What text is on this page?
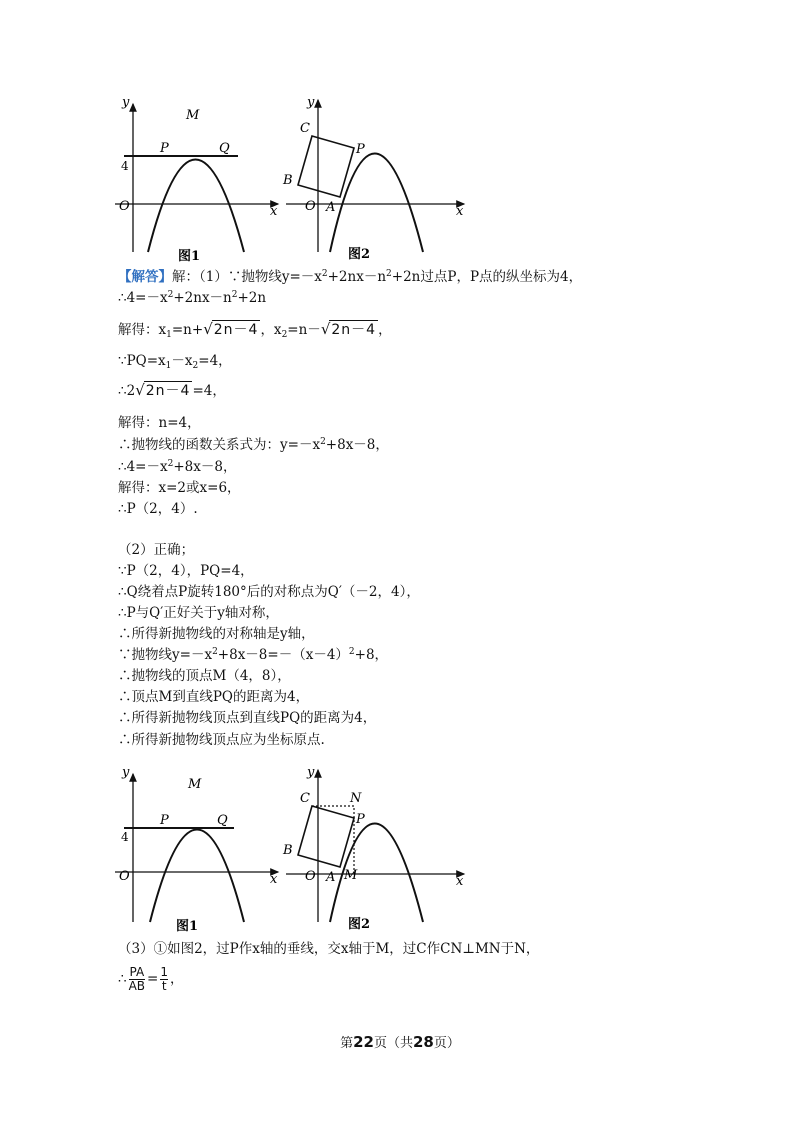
y
x
O
4
M
P	Q
图1
y
x
O
C
P
B
A
图2
【解答】解：（1）∵抛物线$y=-x^2+2nx-n^2+2n$过点P，P点的纵坐标为4，
$\therefore 4=-x^2+2nx-n^2+2n$
解得：$x_1=n+√2n-4$ ，$x_2=n-√2n-4$ ，
$\because PQ=x_1-x_2=4$，
∴2√2n－4 =4，
解得：n=4，
∴抛物线的函数关系式为：$y=-x^2+8x-8$，
$\therefore 4=-x^2+8x-8$，
解得：x=2或x=6，
∴P（2，4）.
（2）正确；
∵P（2，4），PQ=4，
∴Q绕着点P旋转180°后的对称点为Q′（－2，4），
∴P与Q′正好关于y轴对称，
∴所得新抛物线的对称轴是y轴，
∵抛物线$y=-x^2+8x-8=-(x-4)^2+8$，
∴抛物线的顶点M（4，8），
∴顶点M到直线PQ的距离为4，
∴所得新抛物线顶点到直线PQ的距离为4，
∴所得新抛物线顶点应为坐标原点.
y
x
O
4
M
P	Q
图1
y
x
O
C	N
P
B
A M
图2
（3）①如图2，过P作x轴的垂线，交x轴于M，过C作CN⊥MN于N，
∴ $\frac{PA}{AB} = \frac{1}{t}$ ，
第22页（共28页）
